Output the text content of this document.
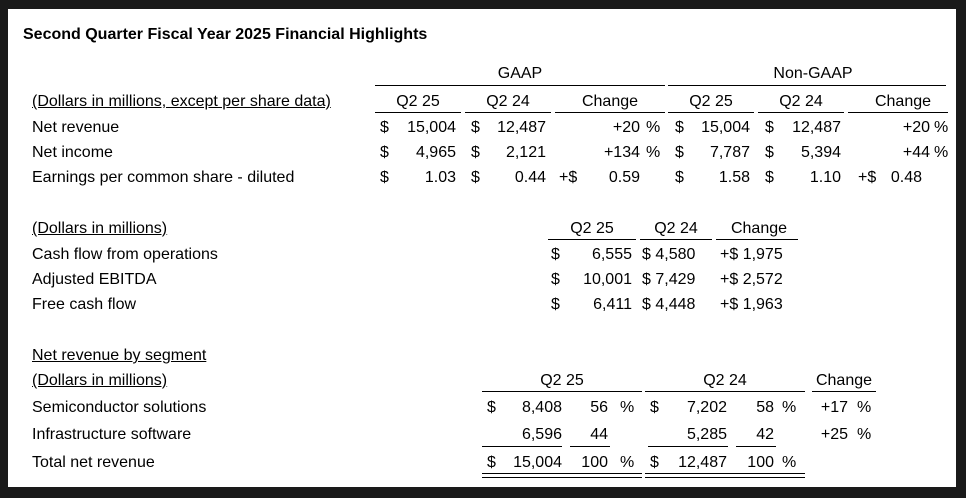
Second Quarter Fiscal Year 2025 Financial Highlights
GAAP	Non-GAAP
(Dollars in millions, except per share data)	Q2 25	Q2 24	Change	Q2 25	Q2 24	Change
Net revenue	$	15,004 $	12,487	+20 % $	15,004 $	12,487	+20 %
Net income	$	4,965 $	2,121	+134 % $	7,787 $	5,394	+44 %
Earnings per common share - diluted	$	1.03 $	0.44 +$	0.59 $	1.58 $	1.10 +$ 0.48
(Dollars in millions)	Q2 25	Q2 24	Change
Cash flow from operations	$	6,555 $ 4,580 +$ 1,975
Adjusted EBITDA	$	10,001 $ 7,429 +$ 2,572
Free cash flow	$	6,411 $ 4,448 +$ 1,963
Net revenue by segment
(Dollars in millions)	Q2 25	Q2 24	Change
Semiconductor solutions	$	8,408	56 % $	7,202	58 %	+17 %
Infrastructure software	6,596	44	5,285	42	+25 %
Total net revenue	$	15,004	100 % $	12,487	100 %
